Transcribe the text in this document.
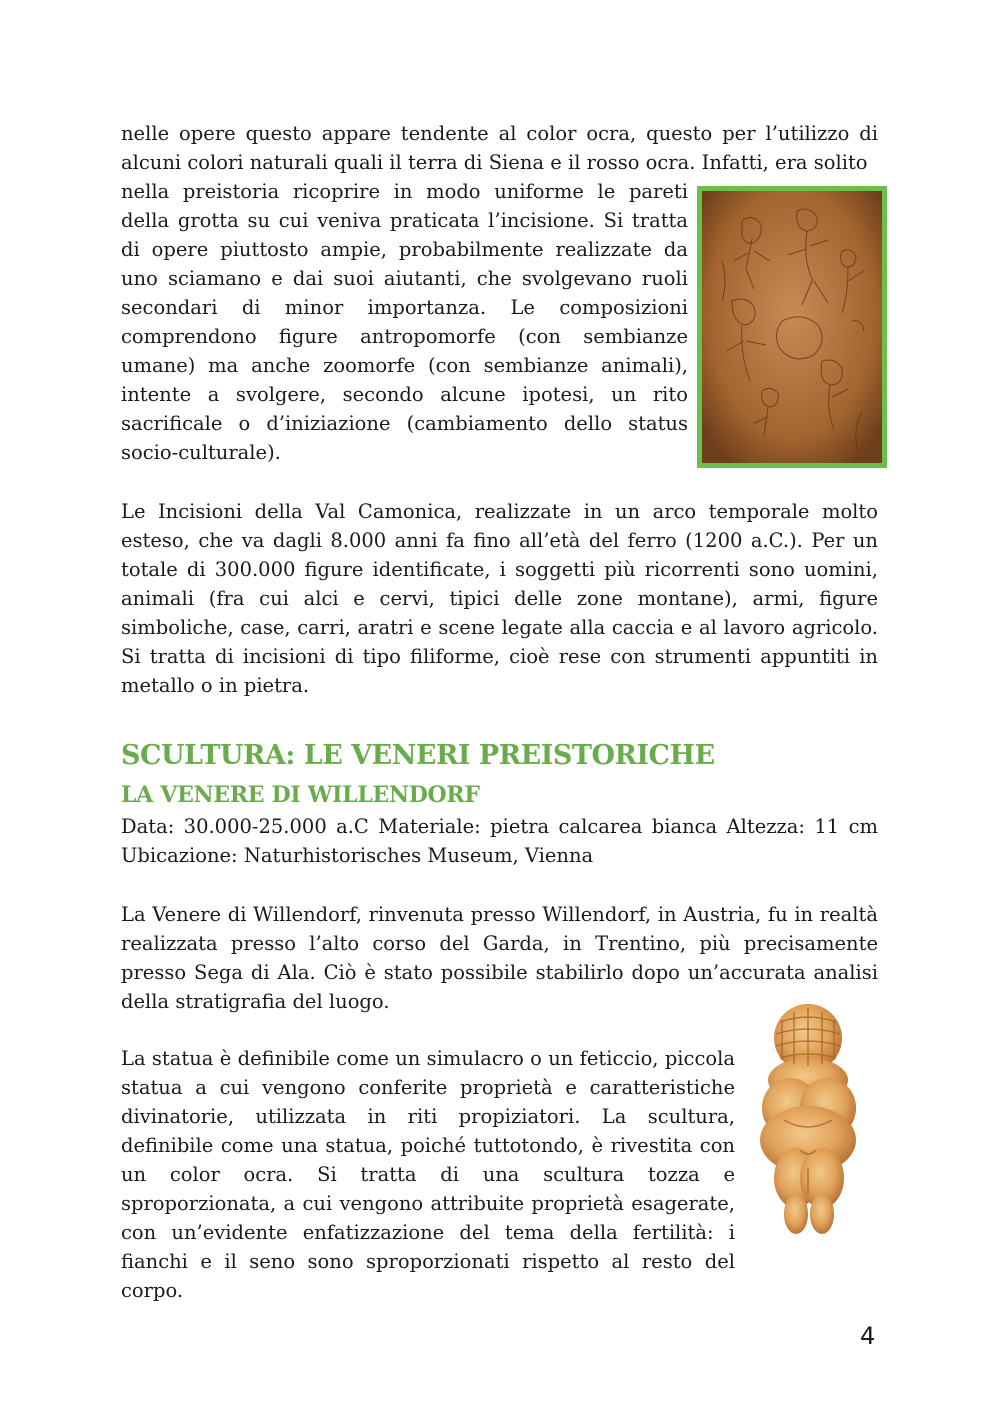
nelle opere questo appare tendente al color ocra, questo per l’utilizzo di alcuni colori naturali quali il terra di Siena e il rosso ocra. Infatti, era solito

nella preistoria ricoprire in modo uniforme le pareti della grotta su cui veniva praticata l’incisione. Si tratta di opere piuttosto ampie, probabilmente realizzate da uno sciamano e dai suoi aiutanti, che svolgevano ruoli secondari di minor importanza. Le composizioni comprendono figure antropomorfe (con sembianze umane) ma anche zoomorfe (con sembianze animali), intente a svolgere, secondo alcune ipotesi, un rito sacrificale o d’iniziazione (cambiamento dello status socio-culturale).

Le Incisioni della Val Camonica, realizzate in un arco temporale molto esteso, che va dagli 8.000 anni fa fino all’età del ferro (1200 a.C.). Per un totale di 300.000 figure identificate, i soggetti più ricorrenti sono uomini, animali (fra cui alci e cervi, tipici delle zone montane), armi, figure simboliche, case, carri, aratri e scene legate alla caccia e al lavoro agricolo. Si tratta di incisioni di tipo filiforme, cioè rese con strumenti appuntiti in metallo o in pietra.

SCULTURA: LE VENERI PREISTORICHE
LA VENERE DI WILLENDORF

Data: 30.000-25.000 a.C Materiale: pietra calcarea bianca Altezza: 11 cm Ubicazione: Naturhistorisches Museum, Vienna

La Venere di Willendorf, rinvenuta presso Willendorf, in Austria, fu in realtà realizzata presso l’alto corso del Garda, in Trentino, più precisamente presso Sega di Ala. Ciò è stato possibile stabilirlo dopo un’accurata analisi della stratigrafia del luogo.

La statua è definibile come un simulacro o un feticcio, piccola statua a cui vengono conferite proprietà e caratteristiche divinatorie, utilizzata in riti propiziatori. La scultura, definibile come una statua, poiché tuttotondo, è rivestita con un color ocra. Si tratta di una scultura tozza e sproporzionata, a cui vengono attribuite proprietà esagerate, con un’evidente enfatizzazione del tema della fertilità: i fianchi e il seno sono sproporzionati rispetto al resto del corpo.

4
